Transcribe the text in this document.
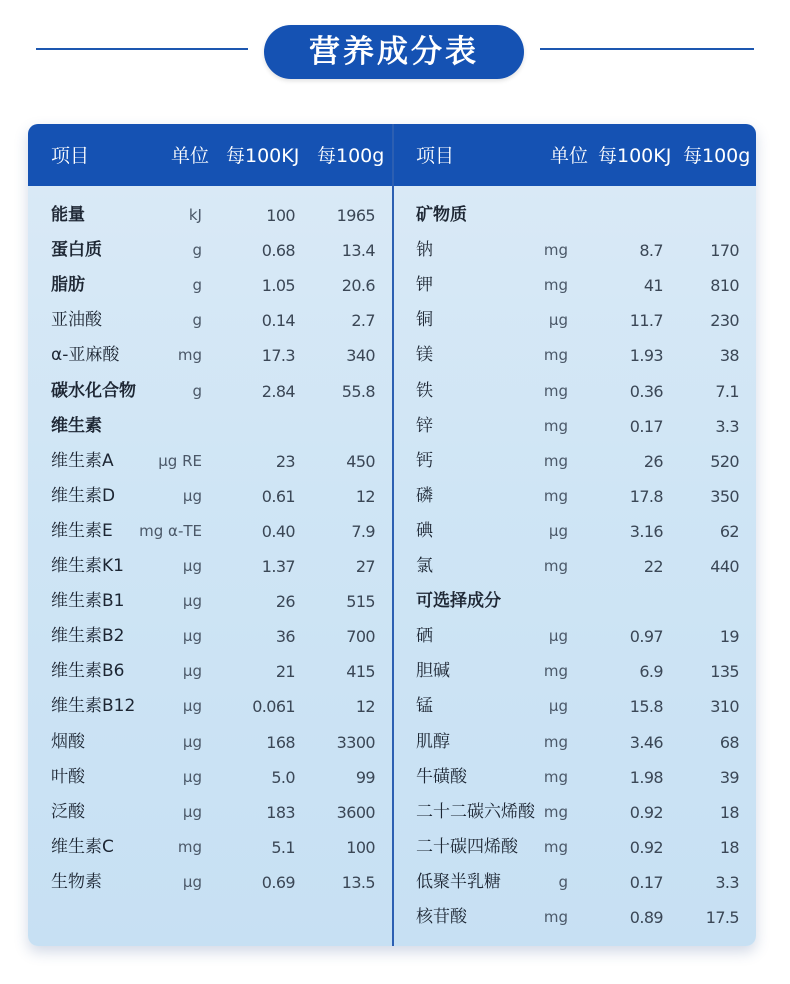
营养成分表
项目	单位 每100KJ 每100g 项目	单位 每100KJ 每100g
能量	kJ	100	1965
蛋白质	g	0.68	13.4
脂肪	g	1.05	20.6
亚油酸	g	0.14	2.7
α-亚麻酸	mg	17.3	340
碳水化合物	g	2.84	55.8
维生素
维生素A	μg RE	23	450
维生素D	μg	0.61	12
维生素E mg α-TE	0.40	7.9
维生素K1	μg	1.37	27
维生素B1	μg	26	515
维生素B2	μg	36	700
维生素B6	μg	21	415
维生素B12	μg	0.061	12
烟酸	μg	168	3300
叶酸	μg	5.0	99
泛酸	μg	183	3600
维生素C	mg	5.1	100
生物素	μg	0.69	13.5
矿物质
钠	mg	8.7	170
钾	mg	41	810
铜	μg	11.7	230
镁	mg	1.93	38
铁	mg	0.36	7.1
锌	mg	0.17	3.3
钙	mg	26	520
磷	mg	17.8	350
碘	μg	3.16	62
氯	mg	22	440
可选择成分
硒	μg	0.97	19
胆碱	mg	6.9	135
锰	μg	15.8	310
肌醇	mg	3.46	68
牛磺酸	mg	1.98	39
二十二碳六烯酸 mg	0.92	18
二十碳四烯酸 mg	0.92	18
低聚半乳糖	g	0.17	3.3
核苷酸	mg	0.89	17.5
